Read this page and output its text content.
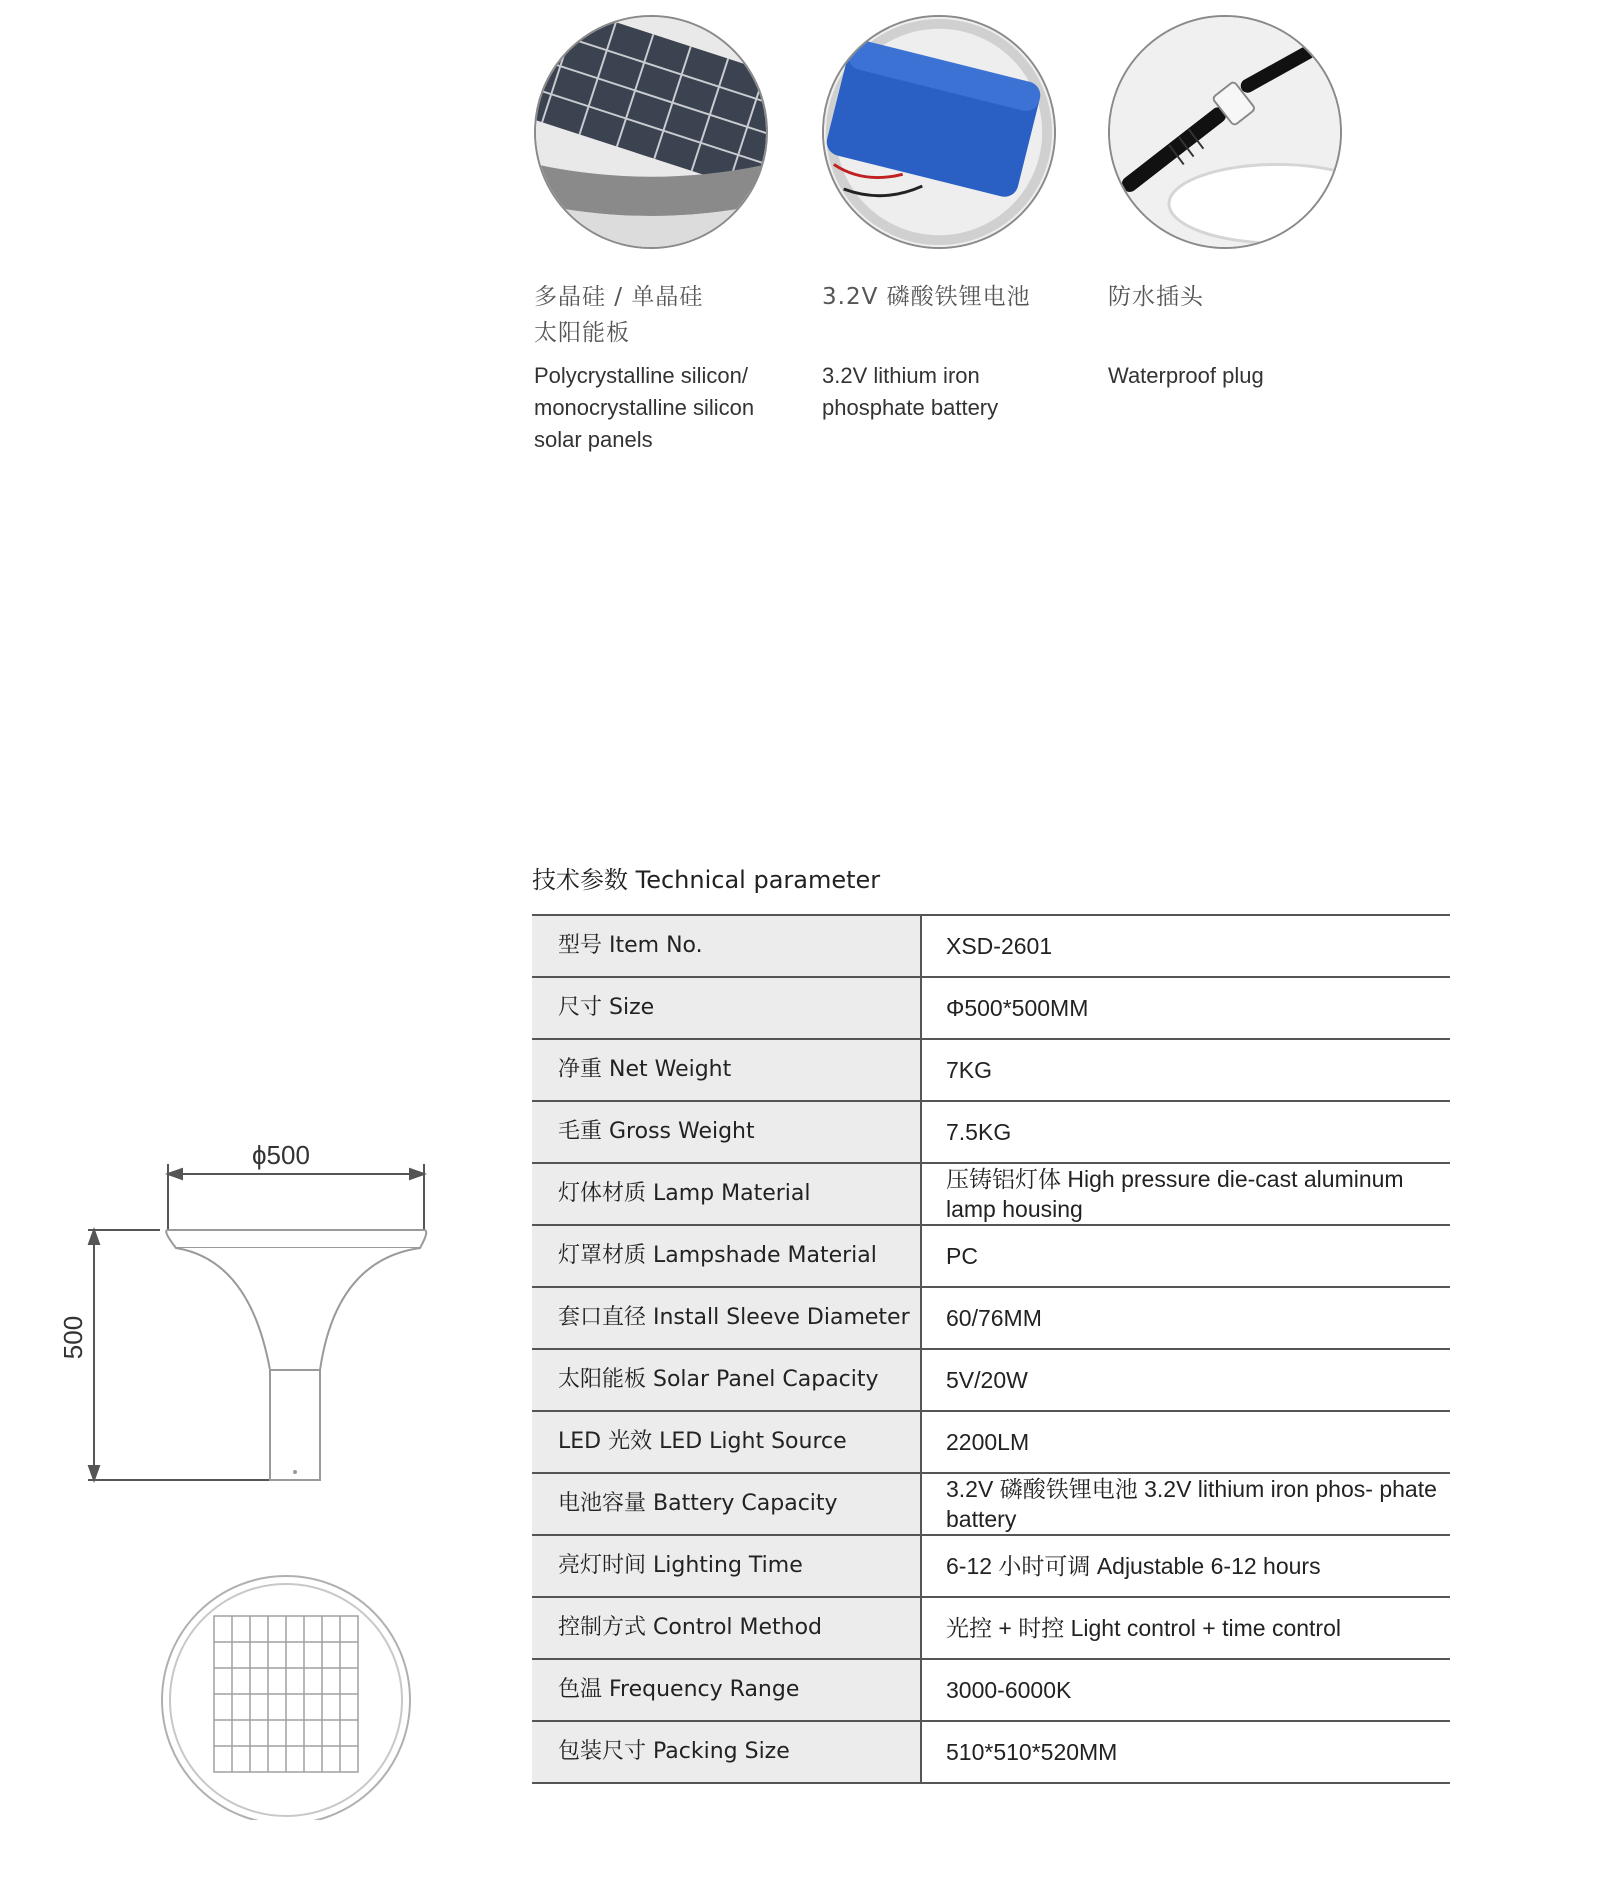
多晶硅 / 单晶硅
太阳能板
Polycrystalline silicon/ monocrystalline silicon solar panels
3.2V 磷酸铁锂电池
3.2V lithium iron phosphate battery
防水插头
Waterproof plug
技术参数 Technical parameter
型号 Item No.	XSD-2601
尺寸 Size	Φ500*500MM
净重 Net Weight	7KG
毛重 Gross Weight	7.5KG
灯体材质 Lamp Material	压铸铝灯体 High pressure die-cast aluminum lamp housing
灯罩材质 Lampshade Material	PC
套口直径 Install Sleeve Diameter	60/76MM
太阳能板 Solar Panel Capacity	5V/20W
LED 光效 LED Light Source	2200LM
电池容量 Battery Capacity	3.2V 磷酸铁锂电池 3.2V lithium iron phos- phate battery
亮灯时间 Lighting Time	6-12 小时可调 Adjustable 6-12 hours
控制方式 Control Method	光控 + 时控 Light control + time control
色温 Frequency Range	3000-6000K
包装尺寸 Packing Size	510*510*520MM
ϕ500
500
